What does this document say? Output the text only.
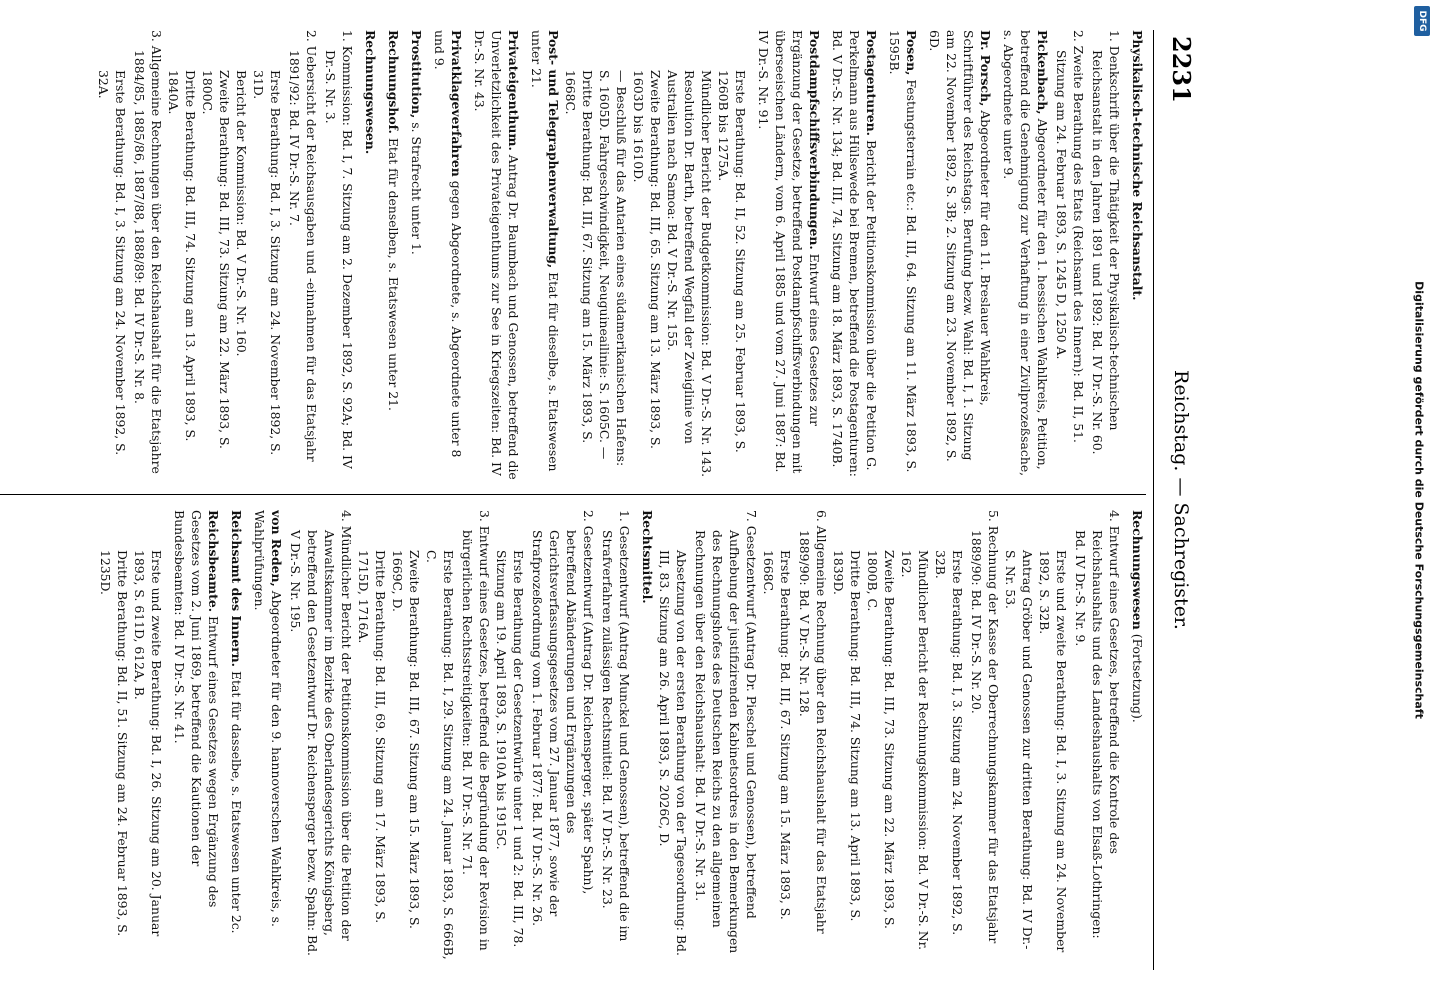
2231
Reichstag. — Sachregister.
Physikalisch-technische Reichsanstalt.
1. Denkschrift über die Thätigkeit der Physikalisch-technischen Reichsanstalt in den Jahren 1891 und 1892: Bd. IV Dr.-S. Nr. 60.
2. Zweite Berathung des Etats (Reichsamt des Innern): Bd. II, 51. Sitzung am 24. Februar 1893, S. 1245 D, 1250 A.
Pickenbach, Abgeordneter für den 1. hessischen Wahlkreis, Petition, betreffend die Genehmigung zur Verhaftung in einer Zivilprozeßsache, s. Abgeordnete unter 9.
Dr. Porsch, Abgeordneter für den 11. Breslauer Wahlkreis, Schriftführer des Reichstags. Berufung bezw. Wahl: Bd. I, 1. Sitzung am 22. November 1892, S. 3B; 2. Sitzung am 23. November 1892, S. 6D.
Posen, Festungsterrain etc.: Bd. III, 64. Sitzung am 11. März 1893, S. 1595B.
Postagenturen. Bericht der Petitionskommission über die Petition G. Perkelmann aus Hülsewede bei Bremen, betreffend die Postagenturen: Bd. V Dr.-S. Nr. 134; Bd. III, 74. Sitzung am 18. März 1893, S. 1740B.
Postdampfschiffsverbindungen. Entwurf eines Gesetzes zur Ergänzung der Gesetze, betreffend Postdampfschiffsverbindungen mit überseeischen Ländern, vom 6. April 1885 und vom 27. Juni 1887: Bd. IV Dr.-S. Nr. 91.
Erste Berathung: Bd. II, 52. Sitzung am 25. Februar 1893, S. 1260B bis 1275A.
Mündlicher Bericht der Budgetkommission: Bd. V Dr.-S. Nr. 143.
Resolution Dr. Barth, betreffend Wegfall der Zweiglinie von Australien nach Samoa: Bd. V Dr.-S. Nr. 155.
Zweite Berathung: Bd. III, 65. Sitzung am 13. März 1893, S. 1603D bis 1610D.
— Beschluß für das Antarien eines südamerikanischen Hafens: S. 1605D. Fahrgeschwindigkeit, Neuguineailinie: S. 1605C. —
Dritte Berathung: Bd. III, 67. Sitzung am 15. März 1893, S. 1668C.
Post- und Telegraphenverwaltung, Etat für dieselbe, s. Etatswesen unter 21.
Privateigenthum. Antrag Dr. Baumbach und Genossen, betreffend die Unverletzlichkeit des Privateigenthums zur See in Kriegszeiten: Bd. IV Dr.-S. Nr. 43.
Privatklageverfahren gegen Abgeordnete, s. Abgeordnete unter 8 und 9.
Prostitution, s. Strafrecht unter 1.
Rechnungshof. Etat für denselben, s. Etatswesen unter 21.
Rechnungswesen.
1. Kommission: Bd. I, 7. Sitzung am 2. Dezember 1892, S. 92A; Bd. IV Dr.-S. Nr. 3.
2. Uebersicht der Reichsausgaben und -einnahmen für das Etatsjahr 1891/92: Bd. IV Dr.-S. Nr. 7.
Erste Berathung: Bd. I, 3. Sitzung am 24. November 1892, S. 31D.
Bericht der Kommission: Bd. V Dr.-S. Nr. 160.
Zweite Berathung: Bd. III, 73. Sitzung am 22. März 1893, S. 1800C.
Dritte Berathung: Bd. III, 74. Sitzung am 13. April 1893, S. 1840A.
3. Allgemeine Rechnungen über den Reichshaushalt für die Etatsjahre 1884/85, 1885/86, 1887/88, 1888/89: Bd. IV Dr.-S. Nr. 8.
Erste Berathung: Bd. I, 3. Sitzung am 24. November 1892, S. 32A.
Rechnungswesen (Fortsetzung).
4. Entwurf eines Gesetzes, betreffend die Kontrole des Reichshaushalts und des Landeshaushalts von Elsaß-Lothringen: Bd. IV Dr.-S. Nr. 9.
Erste und zweite Berathung: Bd. I, 3. Sitzung am 24. November 1892, S. 32B.
Antrag Gröber und Genossen zur dritten Berathung: Bd. IV Dr.-S. Nr. 53.
5. Rechnung der Kasse der Oberrechnungskammer für das Etatsjahr 1889/90: Bd. IV Dr.-S. Nr. 20.
Erste Berathung: Bd. I, 3. Sitzung am 24. November 1892, S. 32B.
Mündlicher Bericht der Rechnungskommission: Bd. V Dr.-S. Nr. 162.
Zweite Berathung: Bd. III, 73. Sitzung am 22. März 1893, S. 1800B, C.
Dritte Berathung: Bd. III, 74. Sitzung am 13. April 1893, S. 1839D.
6. Allgemeine Rechnung über den Reichshaushalt für das Etatsjahr 1889/90: Bd. V Dr.-S. Nr. 128.
Erste Berathung: Bd. III, 67. Sitzung am 15. März 1893, S. 1668C.
7. Gesetzentwurf (Antrag Dr. Pieschel und Genossen), betreffend Aufhebung der justifizirenden Kabinetsordres in den Bemerkungen des Rechnungshofes des Deutschen Reichs zu den allgemeinen Rechnungen über den Reichshaushalt: Bd. IV Dr.-S. Nr. 31.
Absetzung von der ersten Berathung von der Tagesordnung: Bd. III, 83. Sitzung am 26. April 1893, S. 2026C, D.
Rechtsmittel.
1. Gesetzentwurf (Antrag Munckel und Genossen), betreffend die im Strafverfahren zulässigen Rechtsmittel: Bd. IV Dr.-S. Nr. 23.
2. Gesetzentwurf (Antrag Dr. Reichensperger, später Spahn), betreffend Abänderungen und Ergänzungen des Gerichtsverfassungsgesetzes vom 27. Januar 1877, sowie der Strafprozeßordnung vom 1. Februar 1877: Bd. IV Dr.-S. Nr. 26.
Erste Berathung der Gesetzentwürfe unter 1 und 2: Bd. III, 78. Sitzung am 19. April 1893, S. 1910A bis 1915C.
3. Entwurf eines Gesetzes, betreffend die Begründung der Revision in bürgerlichen Rechtsstreitigkeiten: Bd. IV Dr.-S. Nr. 71.
Erste Berathung: Bd. I, 29. Sitzung am 24. Januar 1893, S. 666B, C.
Zweite Berathung: Bd. III, 67. Sitzung am 15. März 1893, S. 1669C, D.
Dritte Berathung: Bd. III, 69. Sitzung am 17. März 1893, S. 1715D, 1716A.
4. Mündlicher Bericht der Petitionskommission über die Petition der Anwaltskammer im Bezirke des Oberlandesgerichts Königsberg, betreffend den Gesetzentwurf Dr. Reichensperger bezw. Spahn: Bd. V Dr.-S. Nr. 195.
von Reden, Abgeordneter für den 9. hannoverschen Wahlkreis, s. Wahlprüfungen.
Reichsamt des Innern. Etat für dasselbe, s. Etatswesen unter 2c.
Reichsbeamte. Entwurf eines Gesetzes wegen Ergänzung des Gesetzes vom 2. Juni 1869, betreffend die Kautionen der Bundesbeamten: Bd. IV Dr.-S. Nr. 41.
Erste und zweite Berathung: Bd. I, 26. Sitzung am 20. Januar 1893, S. 611D, 612A, B.
Dritte Berathung: Bd. II, 51. Sitzung am 24. Februar 1893, S. 1235D.
DFG
Digitalisierung gefördert durch die Deutsche Forschungsgemeinschaft
